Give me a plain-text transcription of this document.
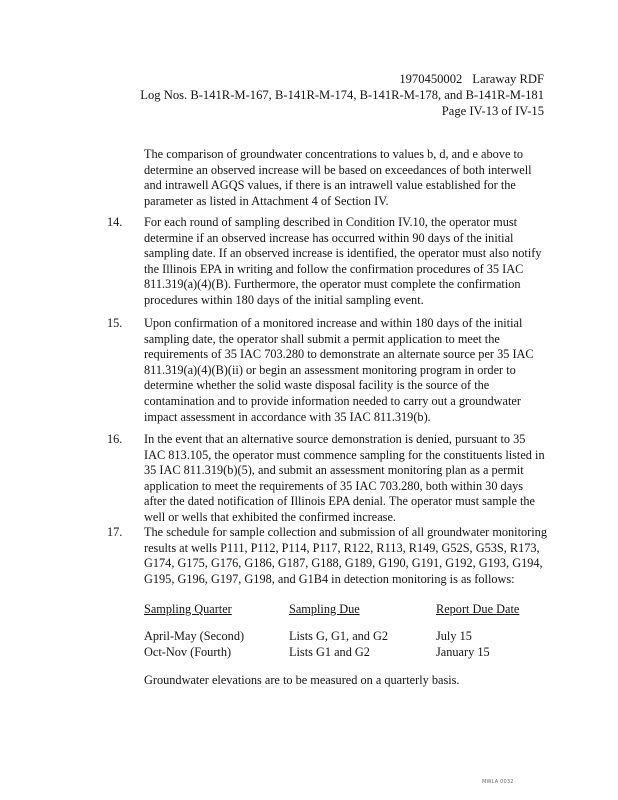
1970450002 Laraway RDF
Log Nos. B-141R-M-167, B-141R-M-174, B-141R-M-178, and B-141R-M-181
Page IV-13 of IV-15
The comparison of groundwater concentrations to values b, d, and e above to determine an observed increase will be based on exceedances of both interwell and intrawell AGQS values, if there is an intrawell value established for the parameter as listed in Attachment 4 of Section IV.
14.	For each round of sampling described in Condition IV.10, the operator must determine if an observed increase has occurred within 90 days of the initial sampling date. If an observed increase is identified, the operator must also notify the Illinois EPA in writing and follow the confirmation procedures of 35 IAC 811.319(a)(4)(B). Furthermore, the operator must complete the confirmation procedures within 180 days of the initial sampling event.
15.	Upon confirmation of a monitored increase and within 180 days of the initial sampling date, the operator shall submit a permit application to meet the requirements of 35 IAC 703.280 to demonstrate an alternate source per 35 IAC 811.319(a)(4)(B)(ii) or begin an assessment monitoring program in order to determine whether the solid waste disposal facility is the source of the contamination and to provide information needed to carry out a groundwater impact assessment in accordance with 35 IAC 811.319(b).
16.	In the event that an alternative source demonstration is denied, pursuant to 35 IAC 813.105, the operator must commence sampling for the constituents listed in 35 IAC 811.319(b)(5), and submit an assessment monitoring plan as a permit application to meet the requirements of 35 IAC 703.280, both within 30 days after the dated notification of Illinois EPA denial. The operator must sample the well or wells that exhibited the confirmed increase.
17.	The schedule for sample collection and submission of all groundwater monitoring results at wells P111, P112, P114, P117, R122, R113, R149, G52S, G53S, R173, G174, G175, G176, G186, G187, G188, G189, G190, G191, G192, G193, G194, G195, G196, G197, G198, and G1B4 in detection monitoring is as follows:
Sampling Quarter	Sampling Due	Report Due Date
April-May (Second)	Lists G, G1, and G2	July 15
Oct-Nov (Fourth)	Lists G1 and G2	January 15
Groundwater elevations are to be measured on a quarterly basis.
MWLA 0032
